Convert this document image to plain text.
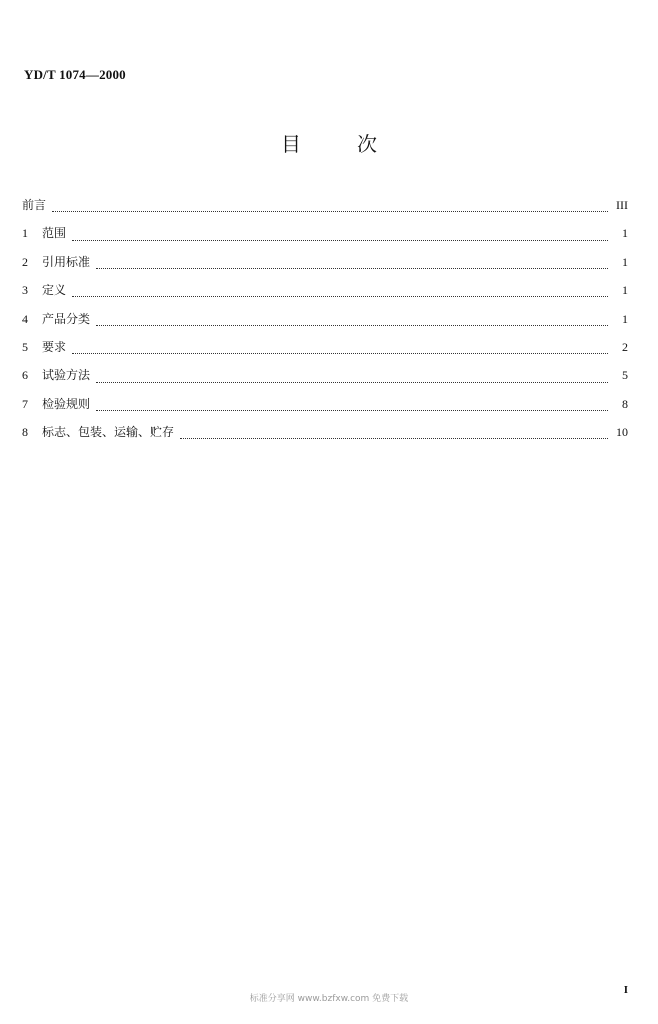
YD/T 1074—2000
目	次
前言	III
1	范围	1
2	引用标准	1
3	定义	1
4	产品分类	1
5	要求	2
6	试验方法	5
7	检验规则	8
8	标志、包装、运输、贮存	10
标准分享网 www.bzfxw.com 免费下载
I
